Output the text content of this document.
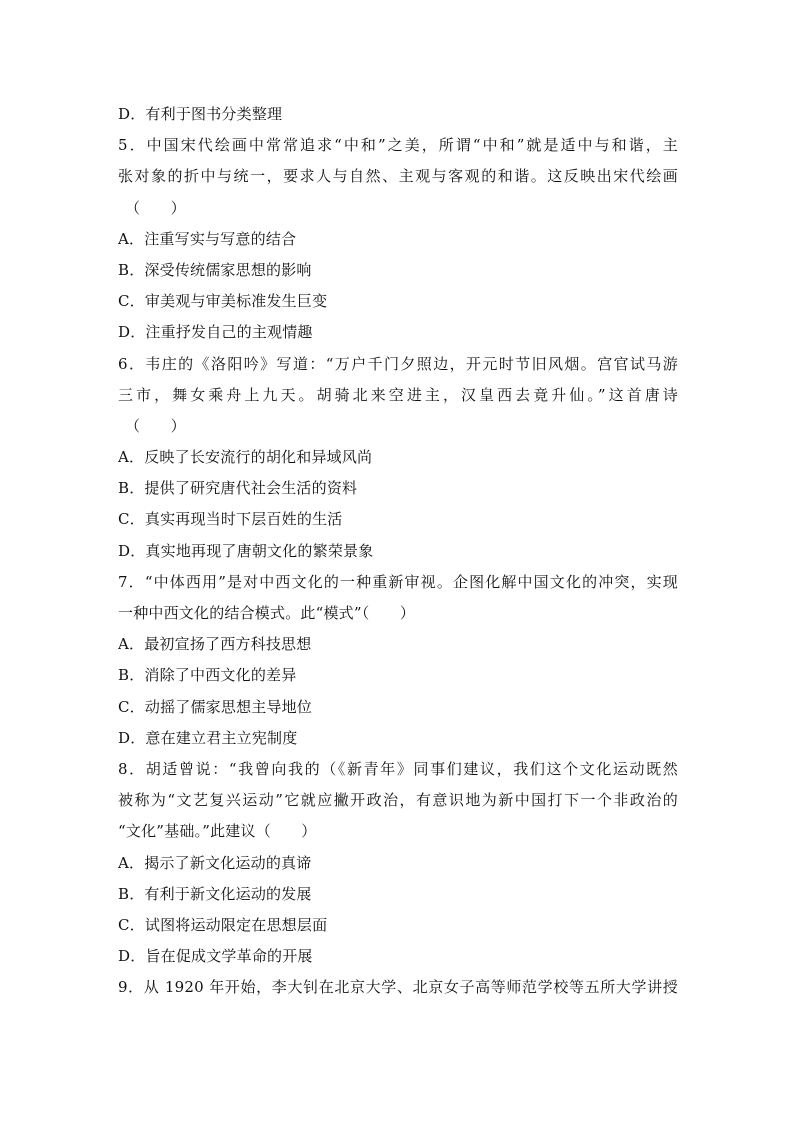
D．有利于图书分类整理
5．中国宋代绘画中常常追求“中和”之美，所谓“中和”就是适中与和谐，主
张对象的折中与统一，要求人与自然、主观与客观的和谐。这反映出宋代绘画
（　　）
A．注重写实与写意的结合
B．深受传统儒家思想的影响
C．审美观与审美标准发生巨变
D．注重抒发自己的主观情趣
6．韦庄的《洛阳吟》写道：“万户千门夕照边，开元时节旧风烟。宫官试马游
三市，舞女乘舟上九天。胡骑北来空进主，汉皇西去竟升仙。”这首唐诗
（　　）
A．反映了长安流行的胡化和异域风尚
B．提供了研究唐代社会生活的资料
C．真实再现当时下层百姓的生活
D．真实地再现了唐朝文化的繁荣景象
7．“中体西用”是对中西文化的一种重新审视。企图化解中国文化的冲突，实现
一种中西文化的结合模式。此“模式”（　　）
A．最初宣扬了西方科技思想
B．消除了中西文化的差异
C．动摇了儒家思想主导地位
D．意在建立君主立宪制度
8．胡适曾说：“我曾向我的（《新青年》同事们建议，我们这个文化运动既然
被称为“文艺复兴运动”它就应撇开政治，有意识地为新中国打下一个非政治的
“文化”基础。”此建议（　　）
A．揭示了新文化运动的真谛
B．有利于新文化运动的发展
C．试图将运动限定在思想层面
D．旨在促成文学革命的开展
9．从 1920 年开始，李大钊在北京大学、北京女子高等师范学校等五所大学讲授
